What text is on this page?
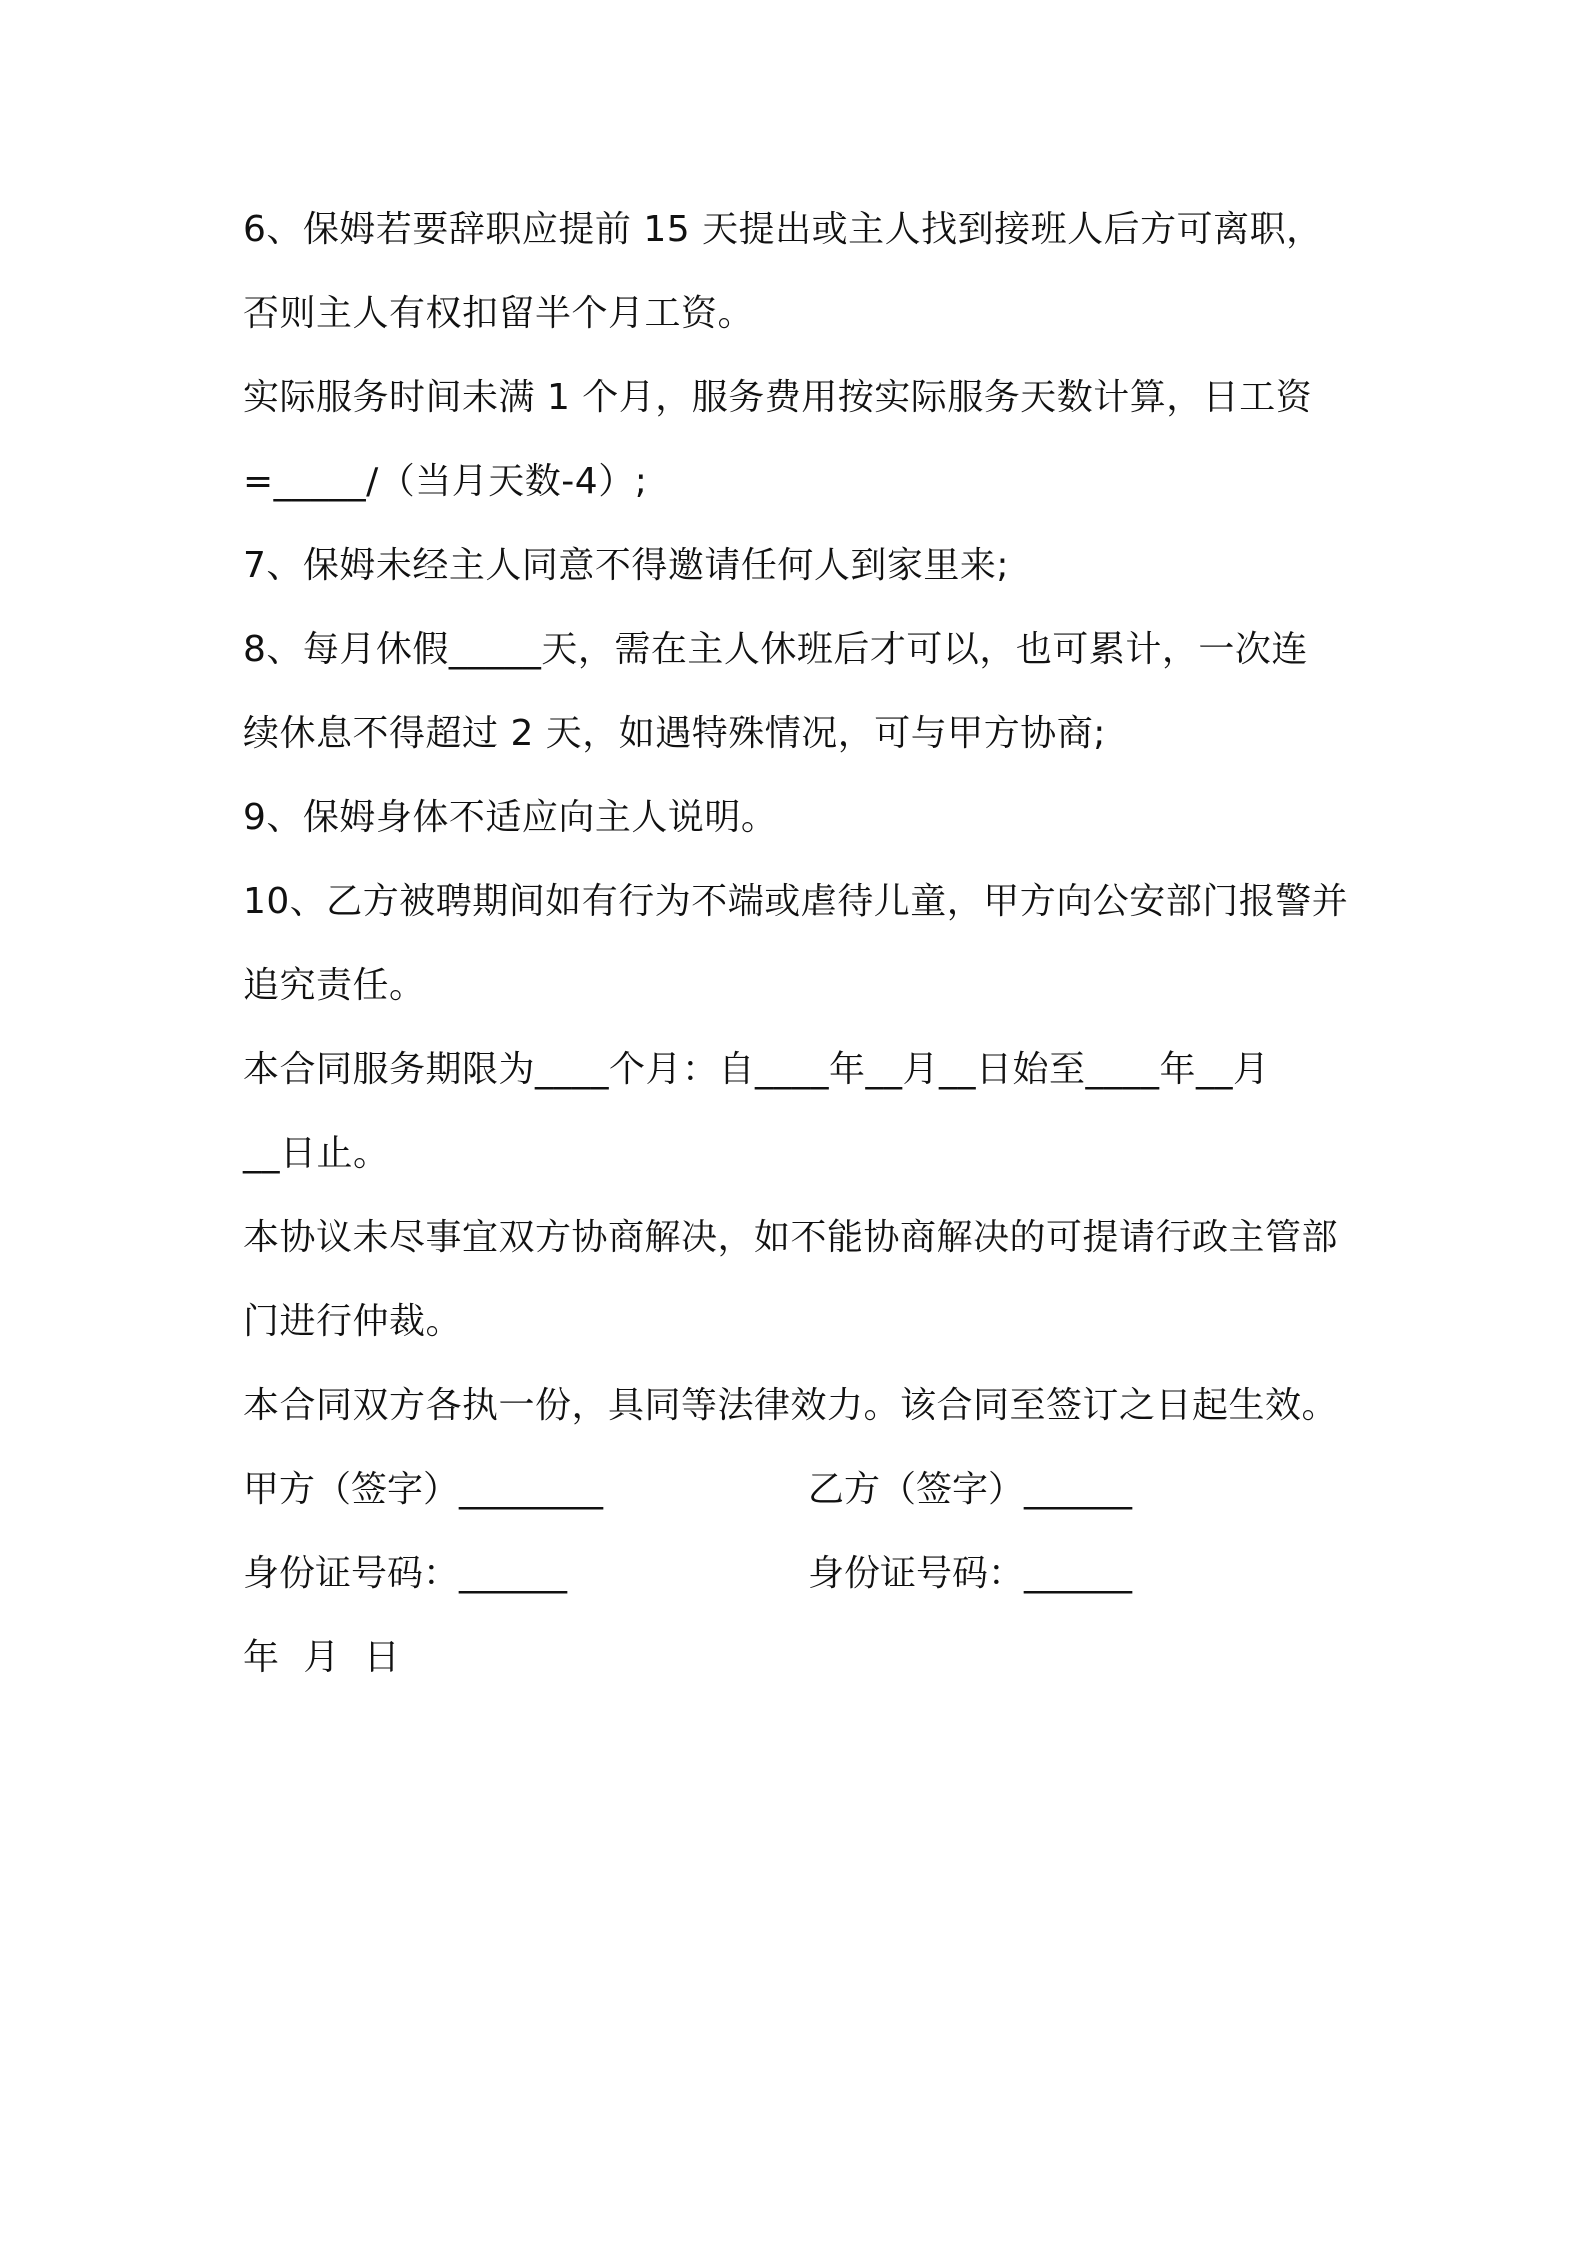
6、保姆若要辞职应提前 15 天提出或主人找到接班人后方可离职，

否则主人有权扣留半个月工资。

实际服务时间未满 1 个月，服务费用按实际服务天数计算，日工资

=_____/（当月天数-4）;

7、保姆未经主人同意不得邀请任何人到家里来;

8、每月休假_____天，需在主人休班后才可以，也可累计，一次连

续休息不得超过 2 天，如遇特殊情况，可与甲方协商;

9、保姆身体不适应向主人说明。

10、乙方被聘期间如有行为不端或虐待儿童，甲方向公安部门报警并

追究责任。

本合同服务期限为____个月：自____年__月__日始至____年__月

__日止。

本协议未尽事宜双方协商解决，如不能协商解决的可提请行政主管部

门进行仲裁。

本合同双方各执一份，具同等法律效力。该合同至签订之日起生效。

甲方（签字）________	乙方（签字）______
身份证号码：______	身份证号码：______

年  月  日
